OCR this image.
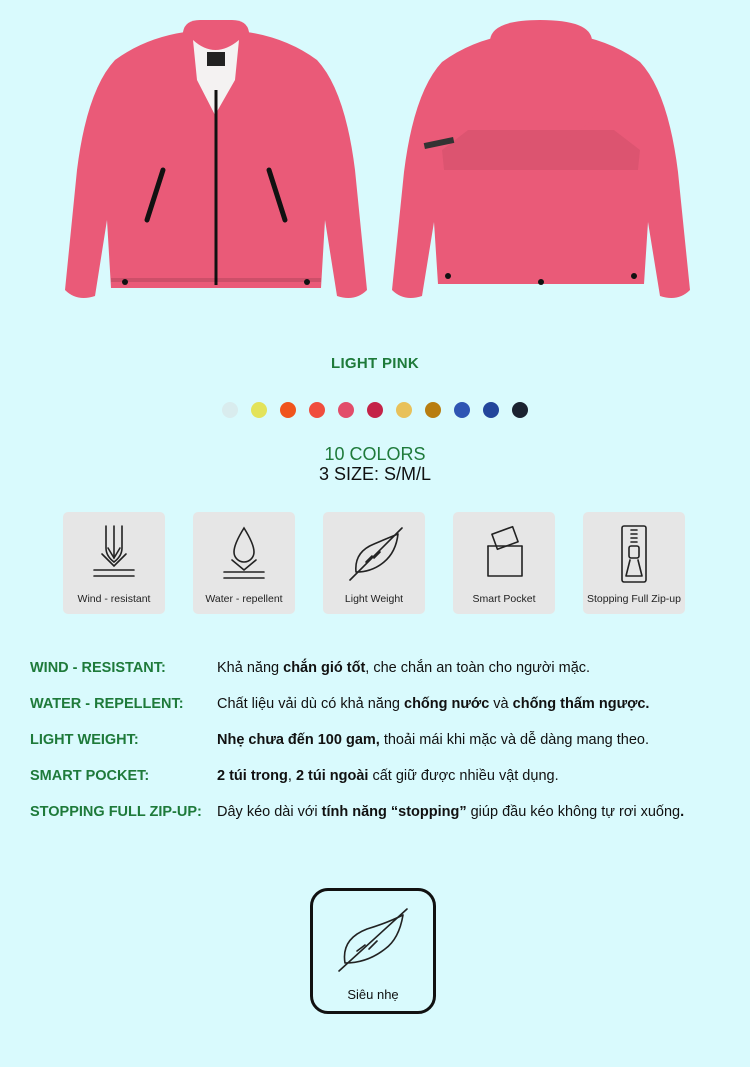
LIGHT PINK
10 COLORS
3 SIZE: S/M/L
Wind - resistant	Water - repellent	Light Weight	Smart Pocket	Stopping Full Zip-up
WIND - RESISTANT:	Khả năng chắn gió tốt, che chắn an toàn cho người mặc.
WATER - REPELLENT: Chất liệu vải dù có khả năng chống nước và chống thấm ngược.
LIGHT WEIGHT:	Nhẹ chưa đến 100 gam, thoải mái khi mặc và dễ dàng mang theo.
SMART POCKET:	2 túi trong, 2 túi ngoài cất giữ được nhiều vật dụng.
STOPPING FULL ZIP-UP: Dây kéo dài với tính năng “stopping” giúp đầu kéo không tự rơi xuống.
Siêu nhẹ
